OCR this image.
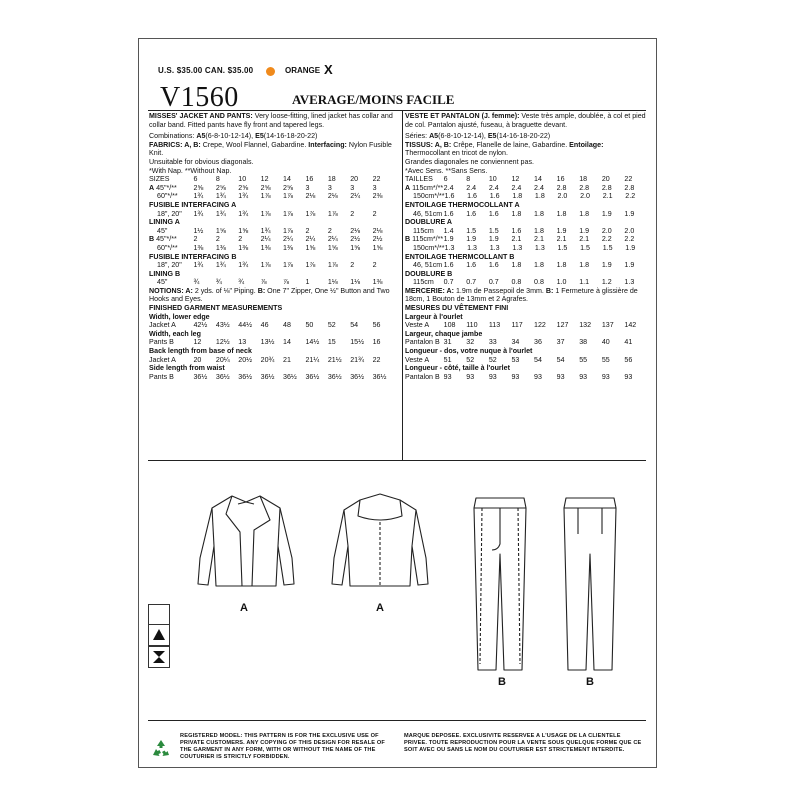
U.S. $35.00 CAN. $35.00	ORANGE X
V1560	AVERAGE/MOINS FACILE

MISSES' JACKET AND PANTS: Very loose-fitting, lined jacket has collar and collar band. Fitted pants have fly front and tapered legs.

Combinations: A5(6-8-10-12-14), E5(14-16-18-20-22)

FABRICS: A, B: Crepe, Wool Flannel, Gabardine. Interfacing: Nylon Fusible Knit.

Unsuitable for obvious diagonals.

*With Nap. **Without Nap.

SIZES	6	8	10	12	14	16	18	20	22
A 45"*/**	2⅝	2⅝	2⅝	2⅝	2⅝	3	3	3	3
60"*/**	1¾	1¾	1¾	1⅞	1⅞	2⅛	2⅛	2¼	2⅜
FUSIBLE INTERFACING A
18", 20"	1¾	1¾	1¾	1⅞	1⅞	1⅞	1⅞	2	2
LINING A
45"	1½	1⅝	1⅝	1¾	1⅞	2	2	2⅛	2⅛
B 45"*/**	2	2	2	2¼	2¼	2¼	2¼	2½	2½
60"*/**	1⅜	1⅜	1⅜	1⅜	1⅜	1⅝	1⅝	1⅝	1⅝
FUSIBLE INTERFACING B
18", 20"	1¾	1¾	1¾	1⅞	1⅞	1⅞	1⅞	2	2
LINING B
45"	¾	¾	¾	⅞	⅞	1	1⅛	1⅛	1⅜

NOTIONS: A: 2 yds. of ⅛" Piping. B: One 7" Zipper, One ½" Button and Two Hooks and Eyes.

FINISHED GARMENT MEASUREMENTS
Width, lower edge
Jacket A	42½	43½	44½	46	48	50	52	54	56
Width, each leg
Pants B	12	12½	13	13½	14	14½	15	15½	16
Back length from base of neck
Jacket A	20	20¼	20½	20¾	21	21¼	21½	21¾	22
Side length from waist
Pants B	36½	36½	36½	36½	36½	36½	36½	36½	36½

VESTE ET PANTALON (J. femme): Veste très ample, doublée, à col et pied de col. Pantalon ajusté, fuseau, à braguette devant.

Séries: A5(6-8-10-12-14), E5(14-16-18-20-22)

TISSUS: A, B: Crêpe, Flanelle de laine, Gabardine. Entoilage: Thermocollant en tricot de nylon.

Grandes diagonales ne conviennent pas.

*Avec Sens. **Sans Sens.

TAILLES	6	8	10	12	14	16	18	20	22
A 115cm*/** 2.4	2.4	2.4	2.4	2.4	2.8	2.8	2.8	2.8
150cm*/** 1.6	1.6	1.6	1.8	1.8	2.0	2.0	2.1	2.2
ENTOILAGE THERMOCOLLANT A
46, 51cm 1.6	1.6	1.6	1.8	1.8	1.8	1.8	1.9	1.9
DOUBLURE A
115cm	1.4	1.5	1.5	1.6	1.8	1.9	1.9	2.0	2.0
B 115cm*/** 1.9	1.9	1.9	2.1	2.1	2.1	2.1	2.2	2.2
150cm*/** 1.3	1.3	1.3	1.3	1.3	1.5	1.5	1.5	1.9
ENTOILAGE THERMCOLLANT B
46, 51cm 1.6	1.6	1.6	1.8	1.8	1.8	1.8	1.9	1.9
DOUBLURE B
115cm	0.7	0.7	0.7	0.8	0.8	1.0	1.1	1.2	1.3

MERCERIE: A: 1.9m de Passepoil de 3mm. B: 1 Fermeture à glissière de 18cm, 1 Bouton de 13mm et 2 Agrafes.

MESURES DU VÊTEMENT FINI
Largeur à l'ourlet
Veste A	108	110	113	117	122	127	132	137	142
Largeur, chaque jambe
Pantalon B 31	32	33	34	36	37	38	40	41
Longueur - dos, votre nuque à l'ourlet
Veste A	51	52	52	53	54	54	55	55	56
Longueur - côté, taille à l'ourlet
Pantalon B 93	93	93	93	93	93	93	93	93
A	A
B	B
REGISTERED MODEL: THIS PATTERN IS FOR THE EXCLUSIVE USE OF PRIVATE CUSTOMERS. ANY COPYING OF THIS DESIGN FOR RESALE OF THE GARMENT IN ANY FORM, WITH OR WITHOUT THE NAME OF THE COUTURIER IS STRICTLY FORBIDDEN.
MARQUE DEPOSEE. EXCLUSIVITE RESERVEE A L'USAGE DE LA CLIENTELE PRIVEE. TOUTE REPRODUCTION POUR LA VENTE SOUS QUELQUE FORME QUE CE SOIT AVEC OU SANS LE NOM DU COUTURIER EST STRICTEMENT INTERDITE.
